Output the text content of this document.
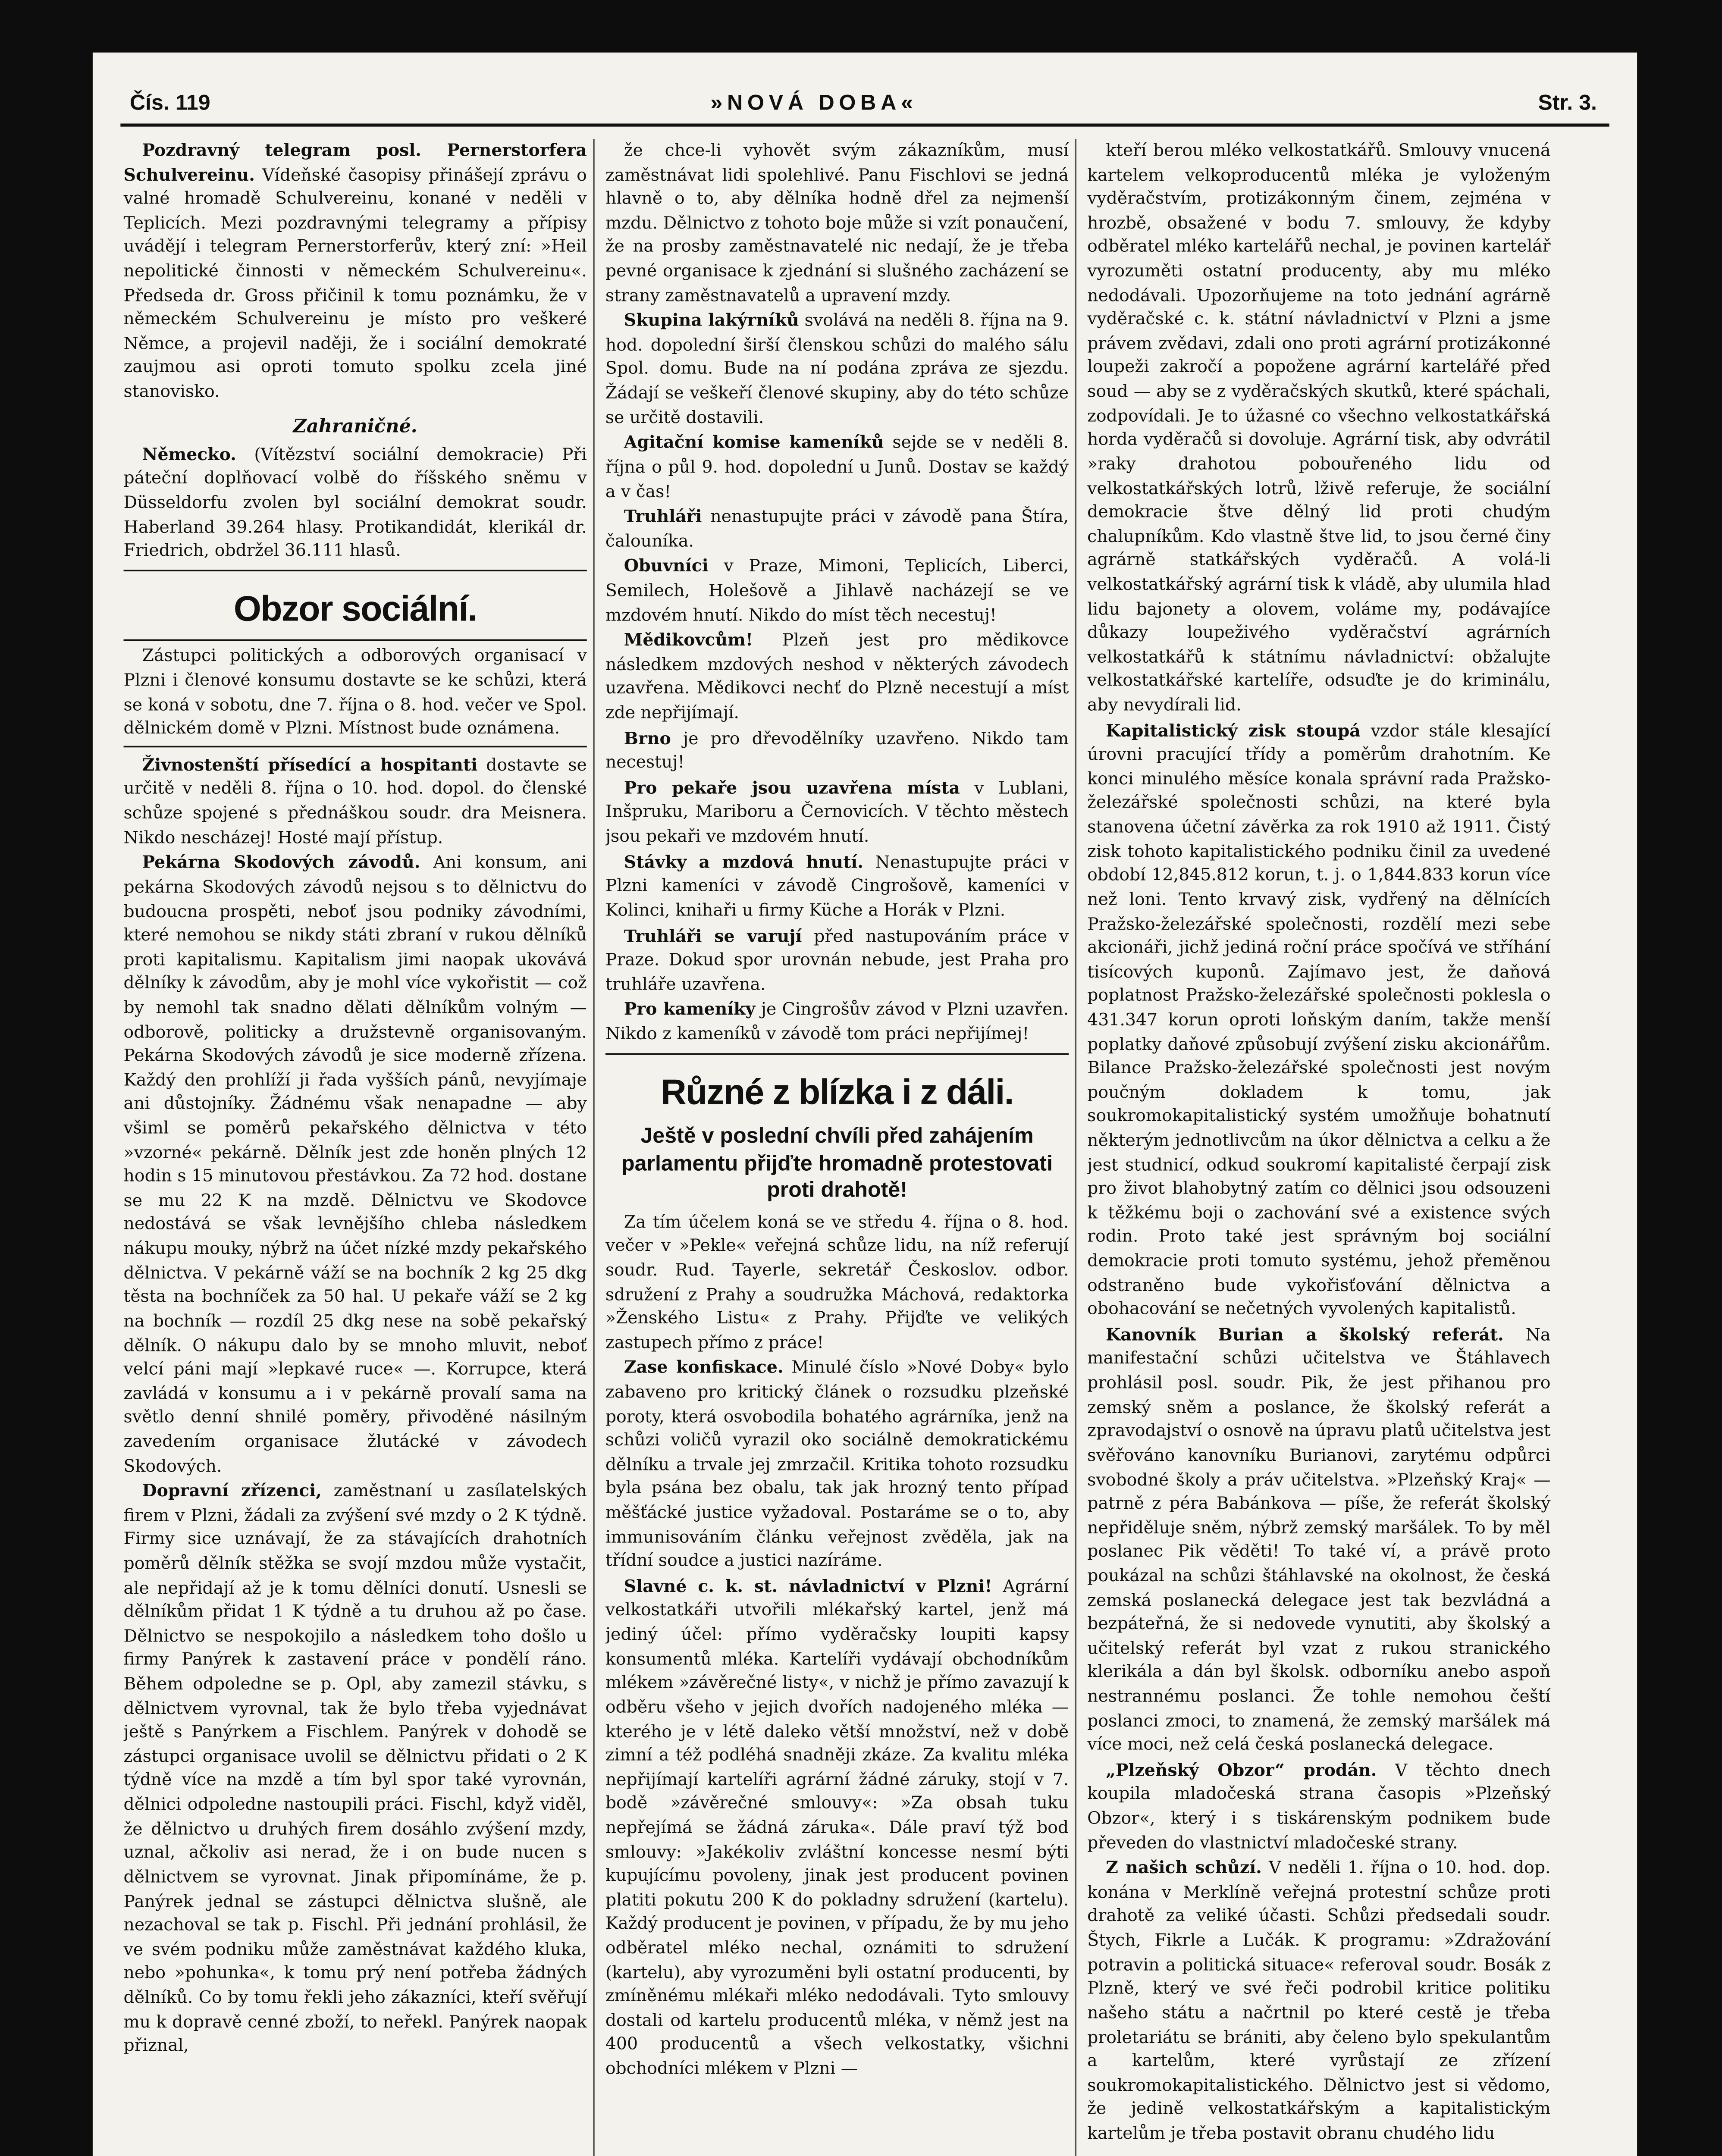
Čís. 119	»NOVÁ DOBA«	Str. 3.

Pozdravný telegram posl. Pernerstorfera Schulvereinu. Vídeňské časopisy přinášejí zprávu o valné hromadě Schulvereinu, konané v neděli v Teplicích. Mezi pozdravnými telegramy a přípisy uvádějí i telegram Pernerstorferův, který zní: »Heil nepolitické činnosti v německém Schulvereinu«. Předseda dr. Gross přičinil k tomu poznámku, že v německém Schulvereinu je místo pro veškeré Němce, a projevil naději, že i sociální demokraté zaujmou asi oproti tomuto spolku zcela jiné stanovisko.

Zahraničné.

Německo.	(Vítězství sociální demokracie) Při páteční doplňovací volbě do říšského sněmu v Düsseldorfu zvolen byl sociální demokrat soudr. Haberland 39.264 hlasy. Protikandidát, klerikál dr. Friedrich, obdržel 36.111 hlasů.

Obzor sociální.

Zástupci politických a odborových organisací v Plzni i členové konsumu dostavte se ke schůzi, která se koná v sobotu, dne 7. října o 8. hod. večer ve Spol. dělnickém domě v Plzni. Místnost bude oznámena.

Živnostenští přísedící a hospitanti dostavte se určitě v neděli 8. října o 10. hod. dopol. do členské schůze spojené s přednáškou soudr. dra Meisnera. Nikdo nescházej! Hosté mají přístup.

Pekárna Skodových závodů.	Ani konsum, ani pekárna Skodových závodů nejsou s to dělnictvu do budoucna prospěti, neboť jsou podniky závodními, které nemohou se nikdy státi zbraní v rukou dělníků proti kapitalismu. Kapitalism jimi naopak ukovává dělníky k závodům, aby je mohl více vykořistit — což by nemohl tak snadno dělati dělníkům volným — odborově, politicky a družstevně organisovaným. Pekárna Skodových závodů je sice moderně zřízena. Každý den prohlíží ji řada vyšších pánů, nevyjímaje ani důstojníky. Žádnému však nenapadne — aby všiml se poměrů pekařského dělnictva v této »vzorné« pekárně. Dělník jest zde honěn plných 12 hodin s 15 minutovou přestávkou. Za 72 hod. dostane se mu 22 K na mzdě. Dělnictvu ve Skodovce nedostává se však levnějšího chleba následkem nákupu mouky, nýbrž na účet nízké mzdy pekařského dělnictva. V pekárně váží se na bochník 2 kg 25 dkg těsta na bochníček za 50 hal. U pekaře váží se 2 kg na bochník — rozdíl 25 dkg nese na sobě pekařský dělník. O nákupu dalo by se mnoho mluvit, neboť velcí páni mají »lepkavé ruce« —. Korrupce, která zavládá v konsumu a i v pekárně provalí sama na světlo denní shnilé poměry, přivoděné násilným zavedením organisace žlutácké v závodech Skodových.

Dopravní zřízenci,	zaměstnaní u zasílatelských firem v Plzni, žádali za zvýšení své mzdy o 2 K týdně. Firmy sice uznávají, že za stávajících drahotních poměrů dělník stěžka se svojí mzdou může vystačit, ale nepřidají až je k tomu dělníci donutí. Usnesli se dělníkům přidat 1 K týdně a tu druhou až po čase. Dělnictvo se nespokojilo a následkem toho došlo u firmy Panýrek k zastavení práce v pondělí ráno. Během odpoledne se p. Opl, aby zamezil stávku, s dělnictvem vyrovnal, tak že bylo třeba vyjednávat ještě s Panýrkem a Fischlem. Panýrek v dohodě se zástupci organisace uvolil se dělnictvu přidati o 2 K týdně více na mzdě a tím byl spor také vyrovnán, dělnici odpoledne nastoupili práci. Fischl, když viděl, že dělnictvo u druhých firem dosáhlo zvýšení mzdy, uznal, ačkoliv asi nerad, že i on bude nucen s dělnictvem se vyrovnat. Jinak připomínáme, že p. Panýrek jednal se zástupci dělnictva slušně, ale nezachoval se tak p. Fischl. Při jednání prohlásil, že ve svém podniku může zaměstnávat každého kluka, nebo »pohunka«, k tomu prý není potřeba žádných dělníků. Co by tomu řekli jeho zákazníci, kteří svěřují mu k dopravě cenné zboží, to neřekl. Panýrek naopak přiznal,

že chce-li vyhovět svým zákazníkům, musí zaměstnávat lidi spolehlivé. Panu Fischlovi se jedná hlavně o to, aby dělníka hodně dřel za nejmenší mzdu. Dělnictvo z tohoto boje může si vzít ponaučení, že na prosby zaměstnavatelé nic nedají, že je třeba pevné organisace k zjednání si slušného zacházení se strany zaměstnavatelů a upravení mzdy.

Skupina lakýrníků svolává na neděli 8. října na 9. hod. dopolední širší členskou schůzi do malého sálu Spol. domu. Bude na ní podána zpráva ze sjezdu. Žádají se veškeří členové skupiny, aby do této schůze se určitě dostavili.

Agitační komise kameníků sejde se v neděli 8. října o půl 9. hod. dopolední u Junů. Dostav se každý a v čas!

Truhláři nenastupujte práci v závodě pana Štíra, čalouníka.

Obuvníci	v Praze, Mimoni, Teplicích, Liberci, Semilech, Holešově a Jihlavě nacházejí se ve mzdovém hnutí. Nikdo do míst těch necestuj!

Mědikovcům!	Plzeň jest pro mědikovce následkem mzdových neshod v některých závodech uzavřena. Mědikovci nechť do Plzně necestují a míst zde nepřijímají.

Brno	je pro dřevodělníky uzavřeno. Nikdo tam necestuj!

Pro pekaře jsou uzavřena místa	v Lublani, Inšpruku, Mariboru a Černovicích. V těchto městech jsou pekaři ve mzdovém hnutí.

Stávky a mzdová hnutí. Nenastupujte práci v Plzni kameníci v závodě Cingrošově, kameníci v Kolinci, knihaři u firmy Küche a Horák v Plzni.

Truhláři se varují	před nastupováním práce v Praze. Dokud spor urovnán nebude, jest Praha pro truhláře uzavřena.

Pro kameníky je Cingrošův závod v Plzni uzavřen. Nikdo z kameníků v závodě tom práci nepřijímej!

Různé z blízka i z dáli.
Ještě v poslední chvíli před zahájením parlamentu přijďte hromadně protestovati proti drahotě!

Za tím účelem koná se ve středu 4. října o 8. hod. večer v »Pekle« veřejná schůze lidu, na níž referují soudr. Rud. Tayerle, sekretář Českoslov. odbor. sdružení z Prahy a soudružka Máchová, redaktorka »Ženského Listu« z Prahy. Přijďte ve velikých zastupech přímo z práce!

Zase konfiskace. Minulé číslo »Nové Doby« bylo zabaveno pro kritický článek o rozsudku plzeňské poroty, která osvobodila bohatého agrárníka, jenž na schůzi voličů vyrazil oko sociálně demokratickému dělníku a trvale jej zmrzačil. Kritika tohoto rozsudku byla psána bez obalu, tak jak hrozný tento případ měšťácké justice vyžadoval. Postaráme se o to, aby immunisováním článku veřejnost zvěděla, jak na třídní soudce a justici nazíráme.

Slavné c. k. st. návladnictví v Plzni! Agrární velkostatkáři utvořili mlékařský kartel, jenž má jediný účel: přímo vyděračsky loupiti kapsy konsumentů mléka. Kartelíři vydávají obchodníkům mlékem »závěrečné listy«, v nichž je přímo zavazují k odběru všeho v jejich dvořích nadojeného mléka — kterého je v létě daleko větší množství, než v době zimní a též podléhá snadněji zkáze. Za kvalitu mléka nepřijímají kartelíři agrární žádné záruky, stojí v 7. bodě »závěrečné smlouvy«: »Za obsah tuku nepřejímá se žádná záruka«. Dále praví týž bod smlouvy: »Jakékoliv zvláštní koncesse nesmí býti kupujícímu povoleny, jinak jest producent povinen platiti pokutu 200 K do pokladny sdružení (kartelu). Každý producent je povinen, v případu, že by mu jeho odběratel mléko nechal, oznámiti to sdružení (kartelu), aby vyrozuměni byli ostatní producenti, by zmíněnému mlékaři mléko nedodávali. Tyto smlouvy dostali od kartelu producentů mléka, v němž jest na 400 producentů a všech velkostatky, všichni obchodníci mlékem v Plzni —

kteří berou mléko velkostatkářů. Smlouvy vnucená kartelem velkoproducentů mléka je vyloženým vyděračstvím, protizákonným činem, zejména v hrozbě, obsažené v bodu 7. smlouvy, že kdyby odběratel mléko kartelářů nechal, je povinen kartelář vyrozuměti ostatní producenty, aby mu mléko nedodávali. Upozorňujeme na toto jednání agrárně vyděračské c. k. státní návladnictví v Plzni a jsme právem zvědavi, zdali ono proti agrární protizákonné loupeži zakročí a popožene agrární kartelářé před soud — aby se z vyděračských skutků, které spáchali, zodpovídali. Je to úžasné co všechno velkostatkářská horda vyděračů si dovoluje. Agrární tisk, aby odvrátil »raky drahotou pobouřeného lidu od velkostatkářských lotrů, lživě referuje, že sociální demokracie štve dělný lid proti chudým chalupníkům. Kdo vlastně štve lid, to jsou černé činy agrárně statkářských vyděračů. A volá-li velkostatkářský agrární tisk k vládě, aby ulumila hlad lidu bajonety a olovem, voláme my, podávajíce důkazy loupeživého vyděračství agrárních velkostatkářů k státnímu návladnictví: obžalujte velkostatkářské kartelíře, odsuďte je do kriminálu, aby nevydírali lid.

Kapitalistický zisk stoupá vzdor stále klesající úrovni pracující třídy a poměrům drahotním. Ke konci minulého měsíce konala správní rada Pražsko-železářské společnosti schůzi, na které byla stanovena účetní závěrka za rok 1910 až 1911. Čistý zisk tohoto kapitalistického podniku činil za uvedené období 12,845.812 korun, t. j. o 1,844.833 korun více než loni. Tento krvavý zisk, vydřený na dělnících Pražsko-železářské společnosti, rozdělí mezi sebe akcionáři, jichž jediná roční práce spočívá ve stříhání tisícových kuponů. Zajímavo jest, že daňová poplatnost Pražsko-železářské společnosti poklesla o 431.347 korun oproti loňským daním, takže menší poplatky daňové způsobují zvýšení zisku akcionářům. Bilance Pražsko-železářské společnosti jest novým poučným dokladem k tomu, jak soukromokapitalistický systém umožňuje bohatnutí některým jednotlivcům na úkor dělnictva a celku a že jest studnicí, odkud soukromí kapitalisté čerpají zisk pro život blahobytný zatím co dělnici jsou odsouzeni k těžkému boji o zachování své a existence svých rodin. Proto také jest správným boj sociální demokracie proti tomuto systému, jehož přeměnou odstraněno bude vykořisťování dělnictva a obohacování se nečetných vyvolených kapitalistů.

Kanovník Burian a školský referát.	Na manifestační schůzi učitelstva ve Štáhlavech prohlásil posl. soudr. Pik, že jest přihanou pro zemský sněm a poslance, že školský referát a zpravodajství o osnově na úpravu platů učitelstva jest svěřováno kanovníku Burianovi, zarytému odpůrci svobodné školy a práv učitelstva. »Plzeňský Kraj« — patrně z péra Babánkova — píše, že referát školský nepřiděluje sněm, nýbrž zemský maršálek. To by měl poslanec Pik věděti! To také ví, a právě proto poukázal na schůzi štáhlavské na okolnost, že česká zemská poslanecká delegace jest tak bezvládná a bezpáteřná, že si nedovede vynutiti, aby školský a učitelský referát byl vzat z rukou stranického klerikála a dán byl školsk. odborníku anebo aspoň nestrannému poslanci. Že tohle nemohou čeští poslanci zmoci, to znamená, že zemský maršálek má více moci, než celá česká poslanecká delegace.

„Plzeňský Obzor“ prodán.	V těchto dnech koupila mladočeská strana časopis »Plzeňský Obzor«, který i s tiskárenským podnikem bude převeden do vlastnictví mladočeské strany.

Z našich schůzí. V neděli 1. října o 10. hod. dop. konána v Merklíně veřejná protestní schůze proti drahotě za veliké účasti. Schůzi předsedali soudr. Štych, Fikrle a Lučák. K programu: »Zdražování potravin a politická situace« referoval soudr. Bosák z Plzně, který ve své řeči podrobil kritice politiku našeho státu a načrtnil po které cestě je třeba proletariátu se brániti, aby čeleno bylo spekulantům a kartelům, které vyrůstají ze zřízení soukromokapitalistického. Dělnictvo jest si vědomo, že jedině velkostatkářským a kapitalistickým kartelům je třeba postavit obranu chudého lidu
